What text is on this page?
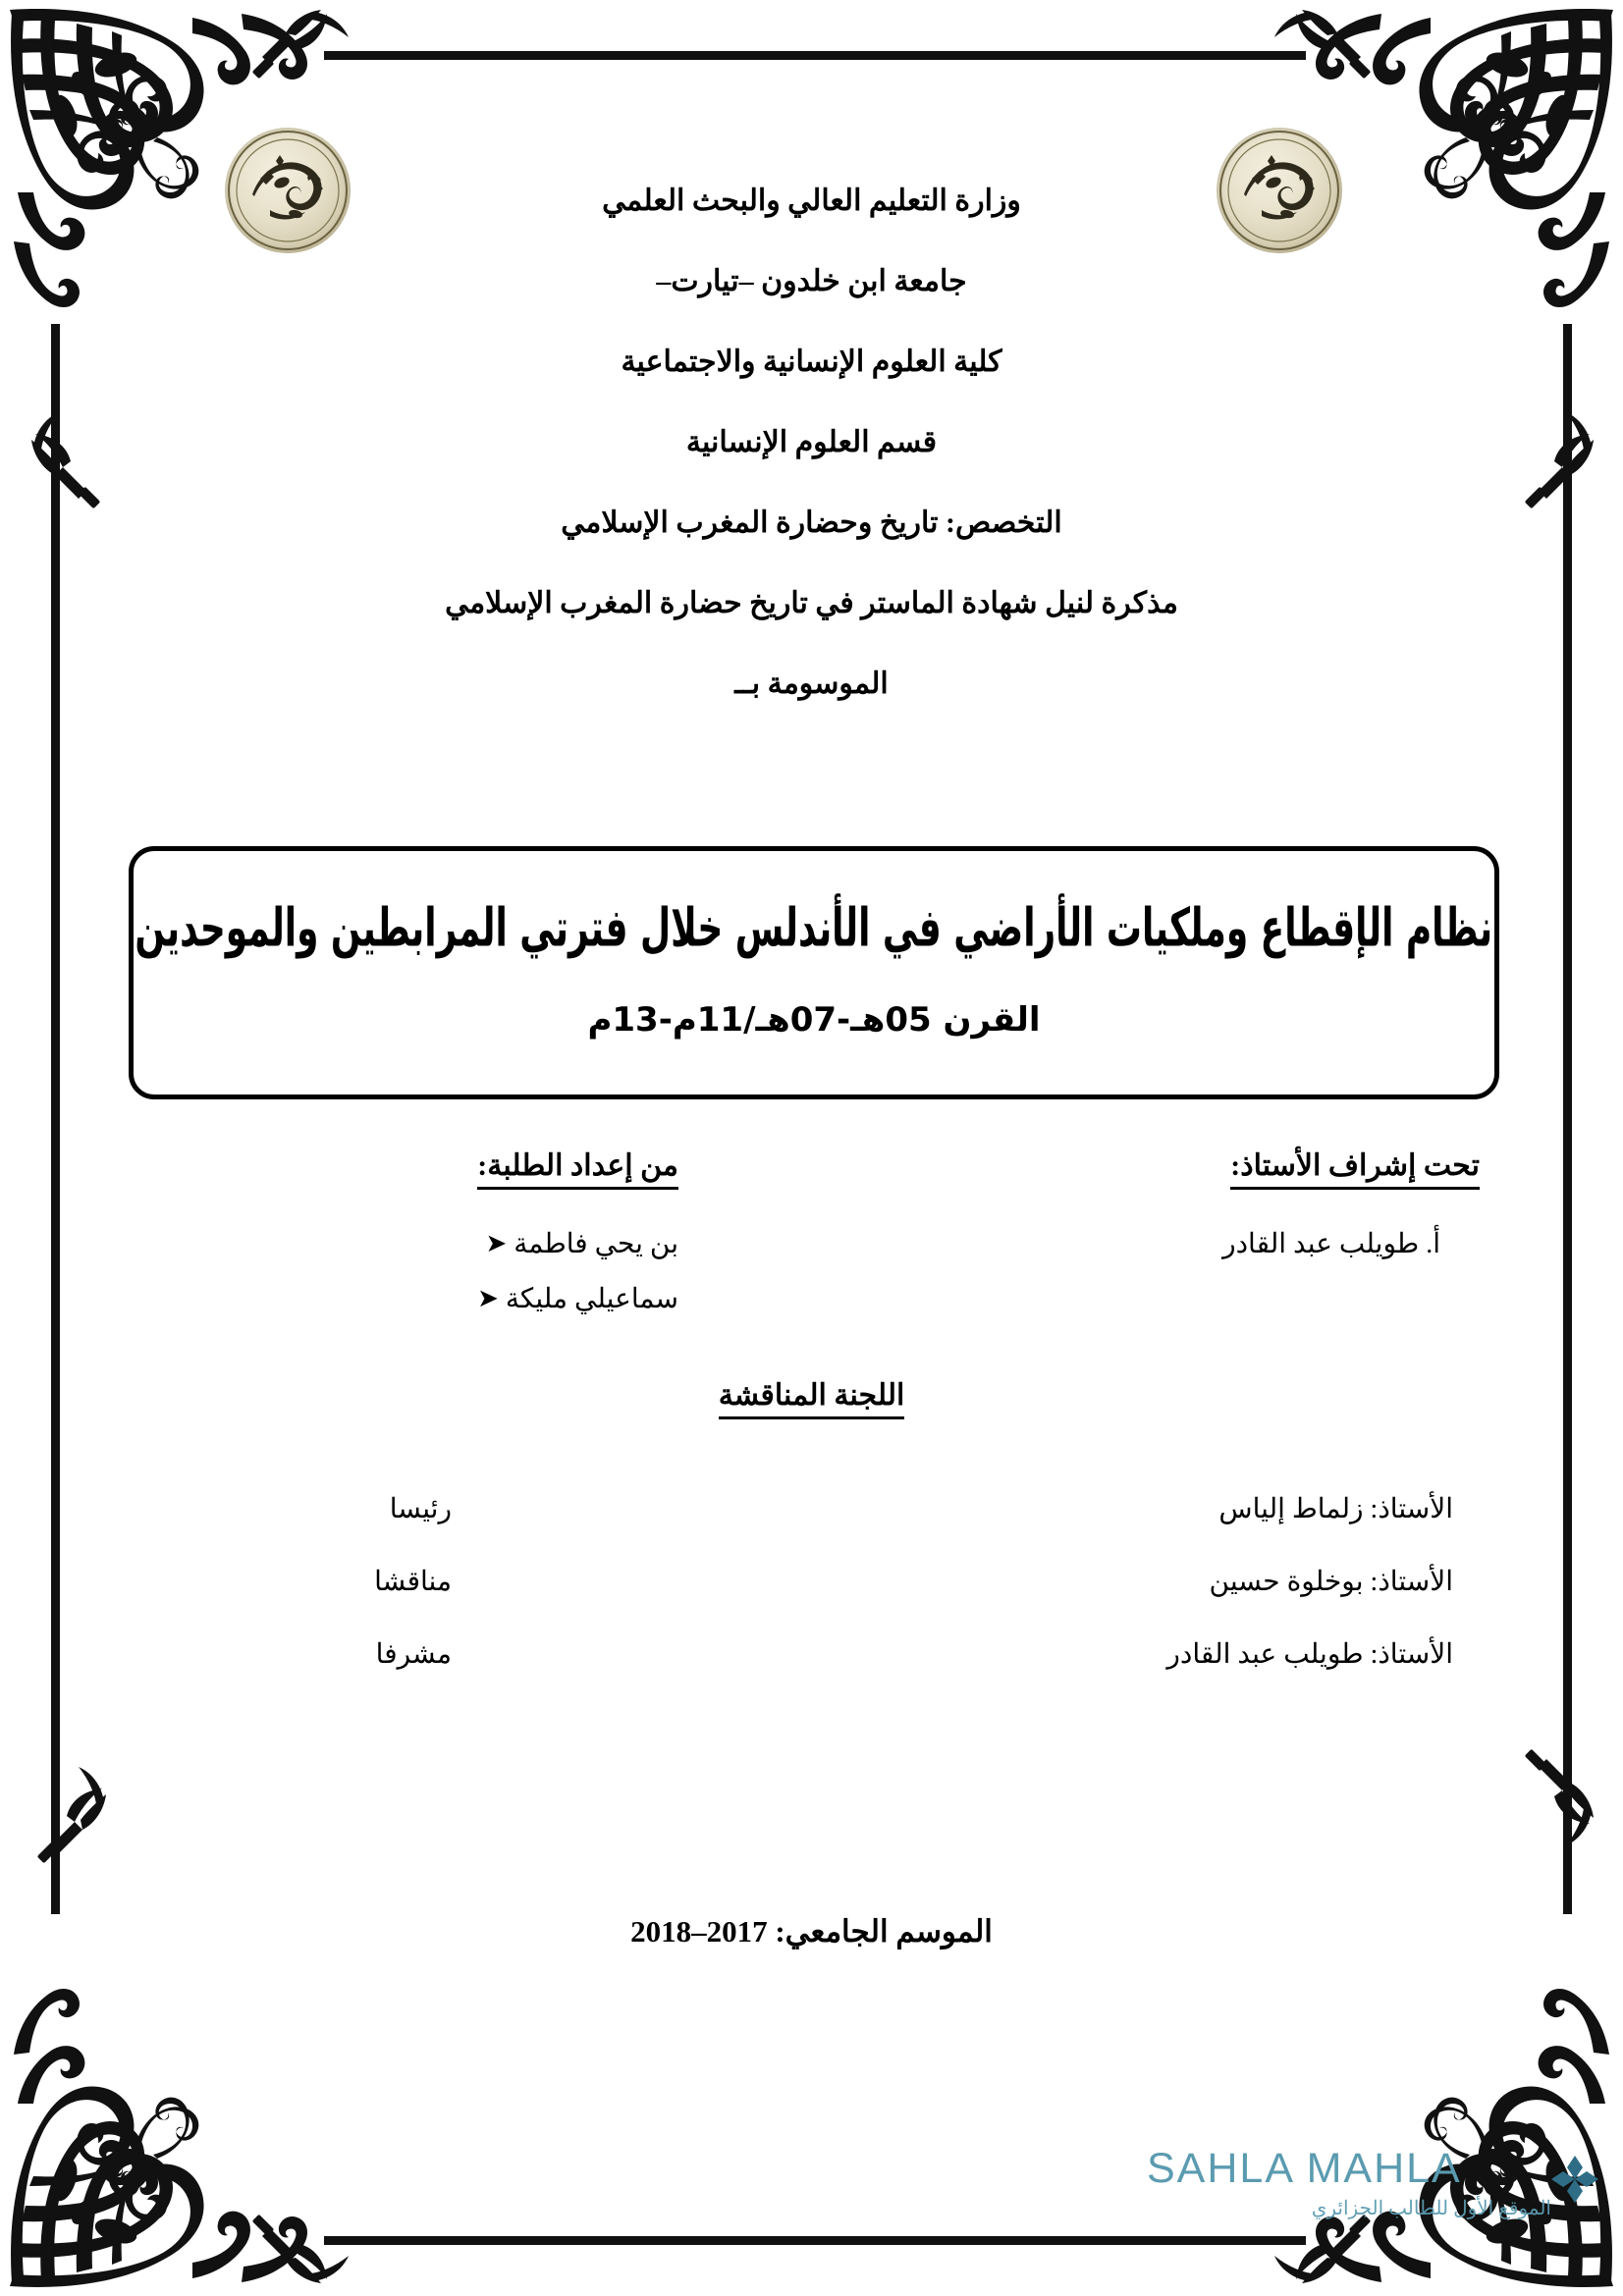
وزارة التعليم العالي والبحث العلمي
جامعة ابن خلدون –تيارت–
كلية العلوم الإنسانية والاجتماعية
قسم العلوم الإنسانية
التخصص: تاريخ وحضارة المغرب الإسلامي
مذكرة لنيل شهادة الماستر في تاريخ حضارة المغرب الإسلامي
الموسومة بــ
نظام الإقطاع وملكيات الأراضي في الأندلس خلال فترتي المرابطين والموحدين
القرن 05هـ-07هـ/11م-13م
تحت إشراف الأستاذ:
أ. طويلب عبد القادر
من إعداد الطلبة:
بن يحي فاطمة ➤
سماعيلي مليكة ➤
اللجنة المناقشة
الأستاذ: زلماط إلياس
رئيسا
الأستاذ: بوخلوة حسين
مناقشا
الأستاذ: طويلب عبد القادر
مشرفا
الموسم الجامعي: 2017–2018
SAHLA MAHLA
الموقع الأول للطالب الجزائري
